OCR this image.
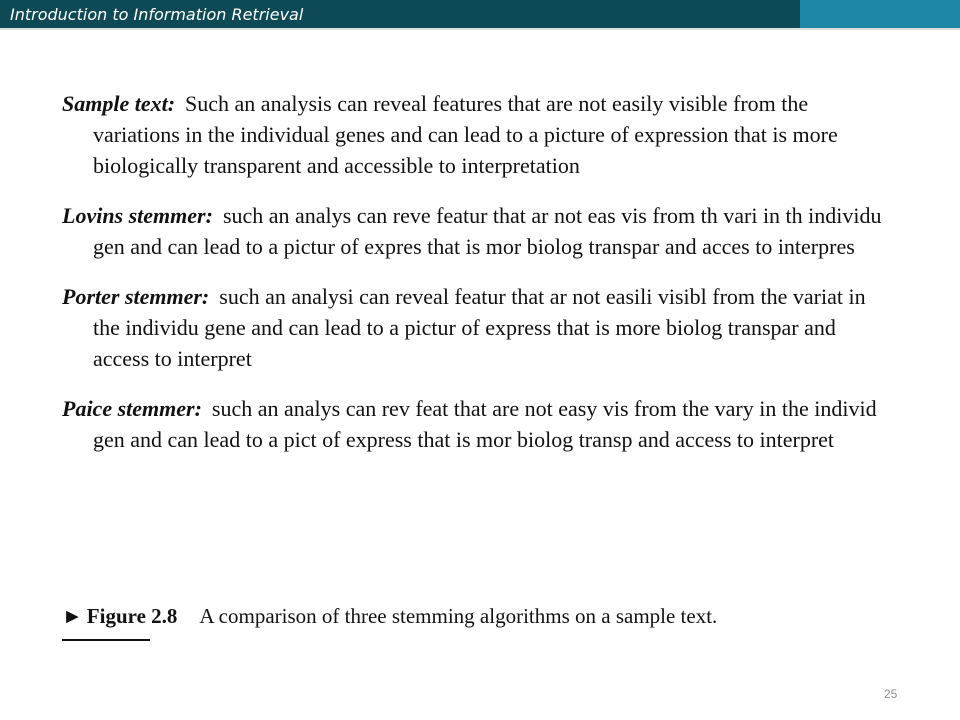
Introduction to Information Retrieval

Sample text: Such an analysis can reveal features that are not easily visible from the variations in the individual genes and can lead to a picture of expression that is more biologically transparent and accessible to interpretation

Lovins stemmer: such an analys can reve featur that ar not eas vis from th vari in th individu gen and can lead to a pictur of expres that is mor biolog transpar and acces to interpres

Porter stemmer: such an analysi can reveal featur that ar not easili visibl from the variat in the individu gene and can lead to a pictur of express that is more biolog transpar and access to interpret

Paice stemmer: such an analys can rev feat that are not easy vis from the vary in the individ gen and can lead to a pict of express that is mor biolog transp and access to interpret

► Figure 2.8 A comparison of three stemming algorithms on a sample text.
25
